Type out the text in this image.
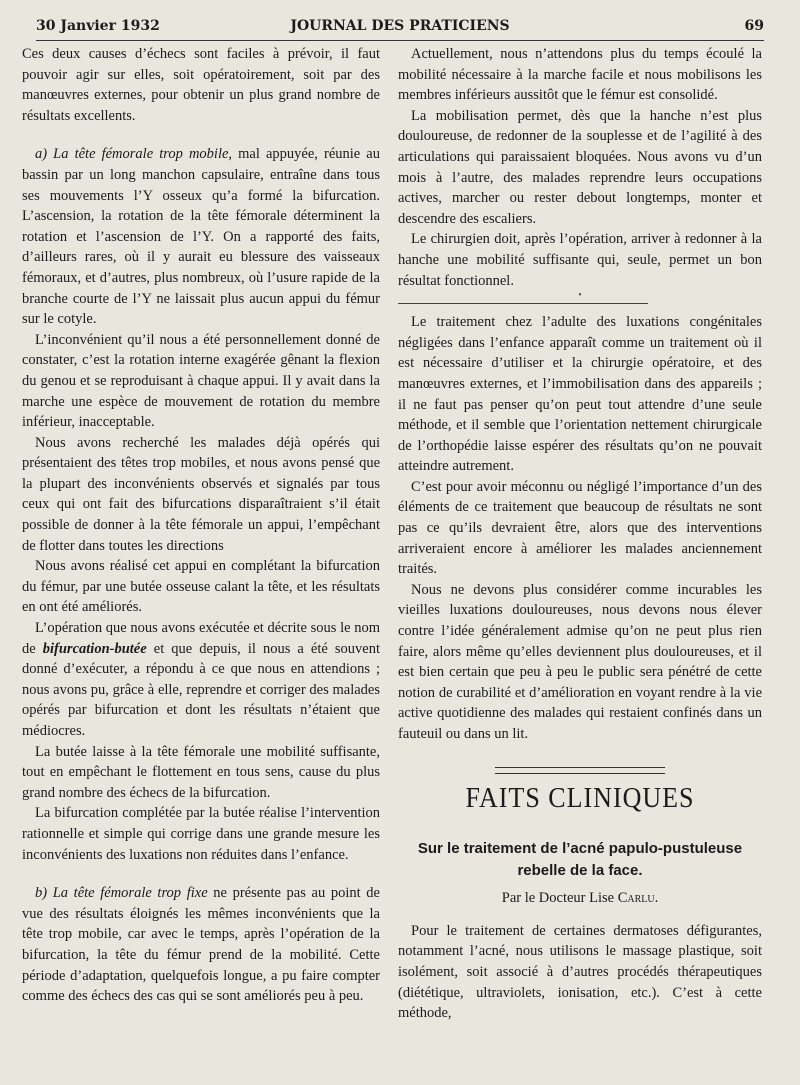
30 Janvier 1932	JOURNAL DES PRATICIENS	69

Ces deux causes d’échecs sont faciles à prévoir, il faut pouvoir agir sur elles, soit opératoirement, soit par des manœuvres externes, pour obtenir un plus grand nombre de résultats excellents.

a) La tête fémorale trop mobile, mal appuyée, réunie au bassin par un long manchon capsulaire, entraîne dans tous ses mouvements l’Y osseux qu’a formé la bifurcation. L’ascension, la rotation de la tête fémorale déterminent la rotation et l’ascension de l’Y. On a rapporté des faits, d’ailleurs rares, où il y aurait eu blessure des vaisseaux fémoraux, et d’autres, plus nombreux, où l’usure rapide de la branche courte de l’Y ne laissait plus aucun appui du fémur sur le cotyle.

L’inconvénient qu’il nous a été personnellement donné de constater, c’est la rotation interne exagérée gênant la flexion du genou et se reproduisant à chaque appui. Il y avait dans la marche une espèce de mouvement de rotation du membre inférieur, inacceptable.

Nous avons recherché les malades déjà opérés qui présentaient des têtes trop mobiles, et nous avons pensé que la plupart des inconvénients observés et signalés par tous ceux qui ont fait des bifurcations disparaîtraient s’il était possible de donner à la tête fémorale un appui, l’empêchant de flotter dans toutes les directions

Nous avons réalisé cet appui en complétant la bifurcation du fémur, par une butée osseuse calant la tête, et les résultats en ont été améliorés.

L’opération que nous avons exécutée et décrite sous le nom de bifurcation-butée et que depuis, il nous a été souvent donné d’exécuter, a répondu à ce que nous en attendions ; nous avons pu, grâce à elle, reprendre et corriger des malades opérés par bifurcation et dont les résultats n’étaient que médiocres.

La butée laisse à la tête fémorale une mobilité suffisante, tout en empêchant le flottement en tous sens, cause du plus grand nombre des échecs de la bifurcation.

La bifurcation complétée par la butée réalise l’intervention rationnelle et simple qui corrige dans une grande mesure les inconvénients des luxations non réduites dans l’enfance.

b) La tête fémorale trop fixe ne présente pas au point de vue des résultats éloignés les mêmes inconvénients que la tête trop mobile, car avec le temps, après l’opération de la bifurcation, la tête du fémur prend de la mobilité. Cette période d’adaptation, quelquefois longue, a pu faire compter comme des échecs des cas qui se sont améliorés peu à peu.

Actuellement, nous n’attendons plus du temps écoulé la mobilité nécessaire à la marche facile et nous mobilisons les membres inférieurs aussitôt que le fémur est consolidé.

La mobilisation permet, dès que la hanche n’est plus douloureuse, de redonner de la souplesse et de l’agilité à des articulations qui paraissaient bloquées. Nous avons vu d’un mois à l’autre, des malades reprendre leurs occupations actives, marcher ou rester debout longtemps, monter et descendre des escaliers.

Le chirurgien doit, après l’opération, arriver à redonner à la hanche une mobilité suffisante qui, seule, permet un bon résultat fonctionnel.

•

Le traitement chez l’adulte des luxations congénitales négligées dans l’enfance apparaît comme un traitement où il est nécessaire d’utiliser et la chirurgie opératoire, et des manœuvres externes, et l’immobilisation dans des appareils ; il ne faut pas penser qu’on peut tout attendre d’une seule méthode, et il semble que l’orientation nettement chirurgicale de l’orthopédie laisse espérer des résultats qu’on ne pouvait atteindre autrement.

C’est pour avoir méconnu ou négligé l’importance d’un des éléments de ce traitement que beaucoup de résultats ne sont pas ce qu’ils devraient être, alors que des interventions arriveraient encore à améliorer les malades anciennement traités.

Nous ne devons plus considérer comme incurables les vieilles luxations douloureuses, nous devons nous élever contre l’idée généralement admise qu’on ne peut plus rien faire, alors même qu’elles deviennent plus douloureuses, et il est bien certain que peu à peu le public sera pénétré de cette notion de curabilité et d’amélioration en voyant rendre à la vie active quotidienne des malades qui restaient confinés dans un fauteuil ou dans un lit.

FAITS CLINIQUES
Sur le traitement de l’acné papulo-pustuleuse rebelle de la face.
Par le Docteur Lise Carlu.

Pour le traitement de certaines dermatoses défigurantes, notamment l’acné, nous utilisons le massage plastique, soit isolément, soit associé à d’autres procédés thérapeutiques (diététique, ultraviolets, ionisation, etc.). C’est à cette méthode,
